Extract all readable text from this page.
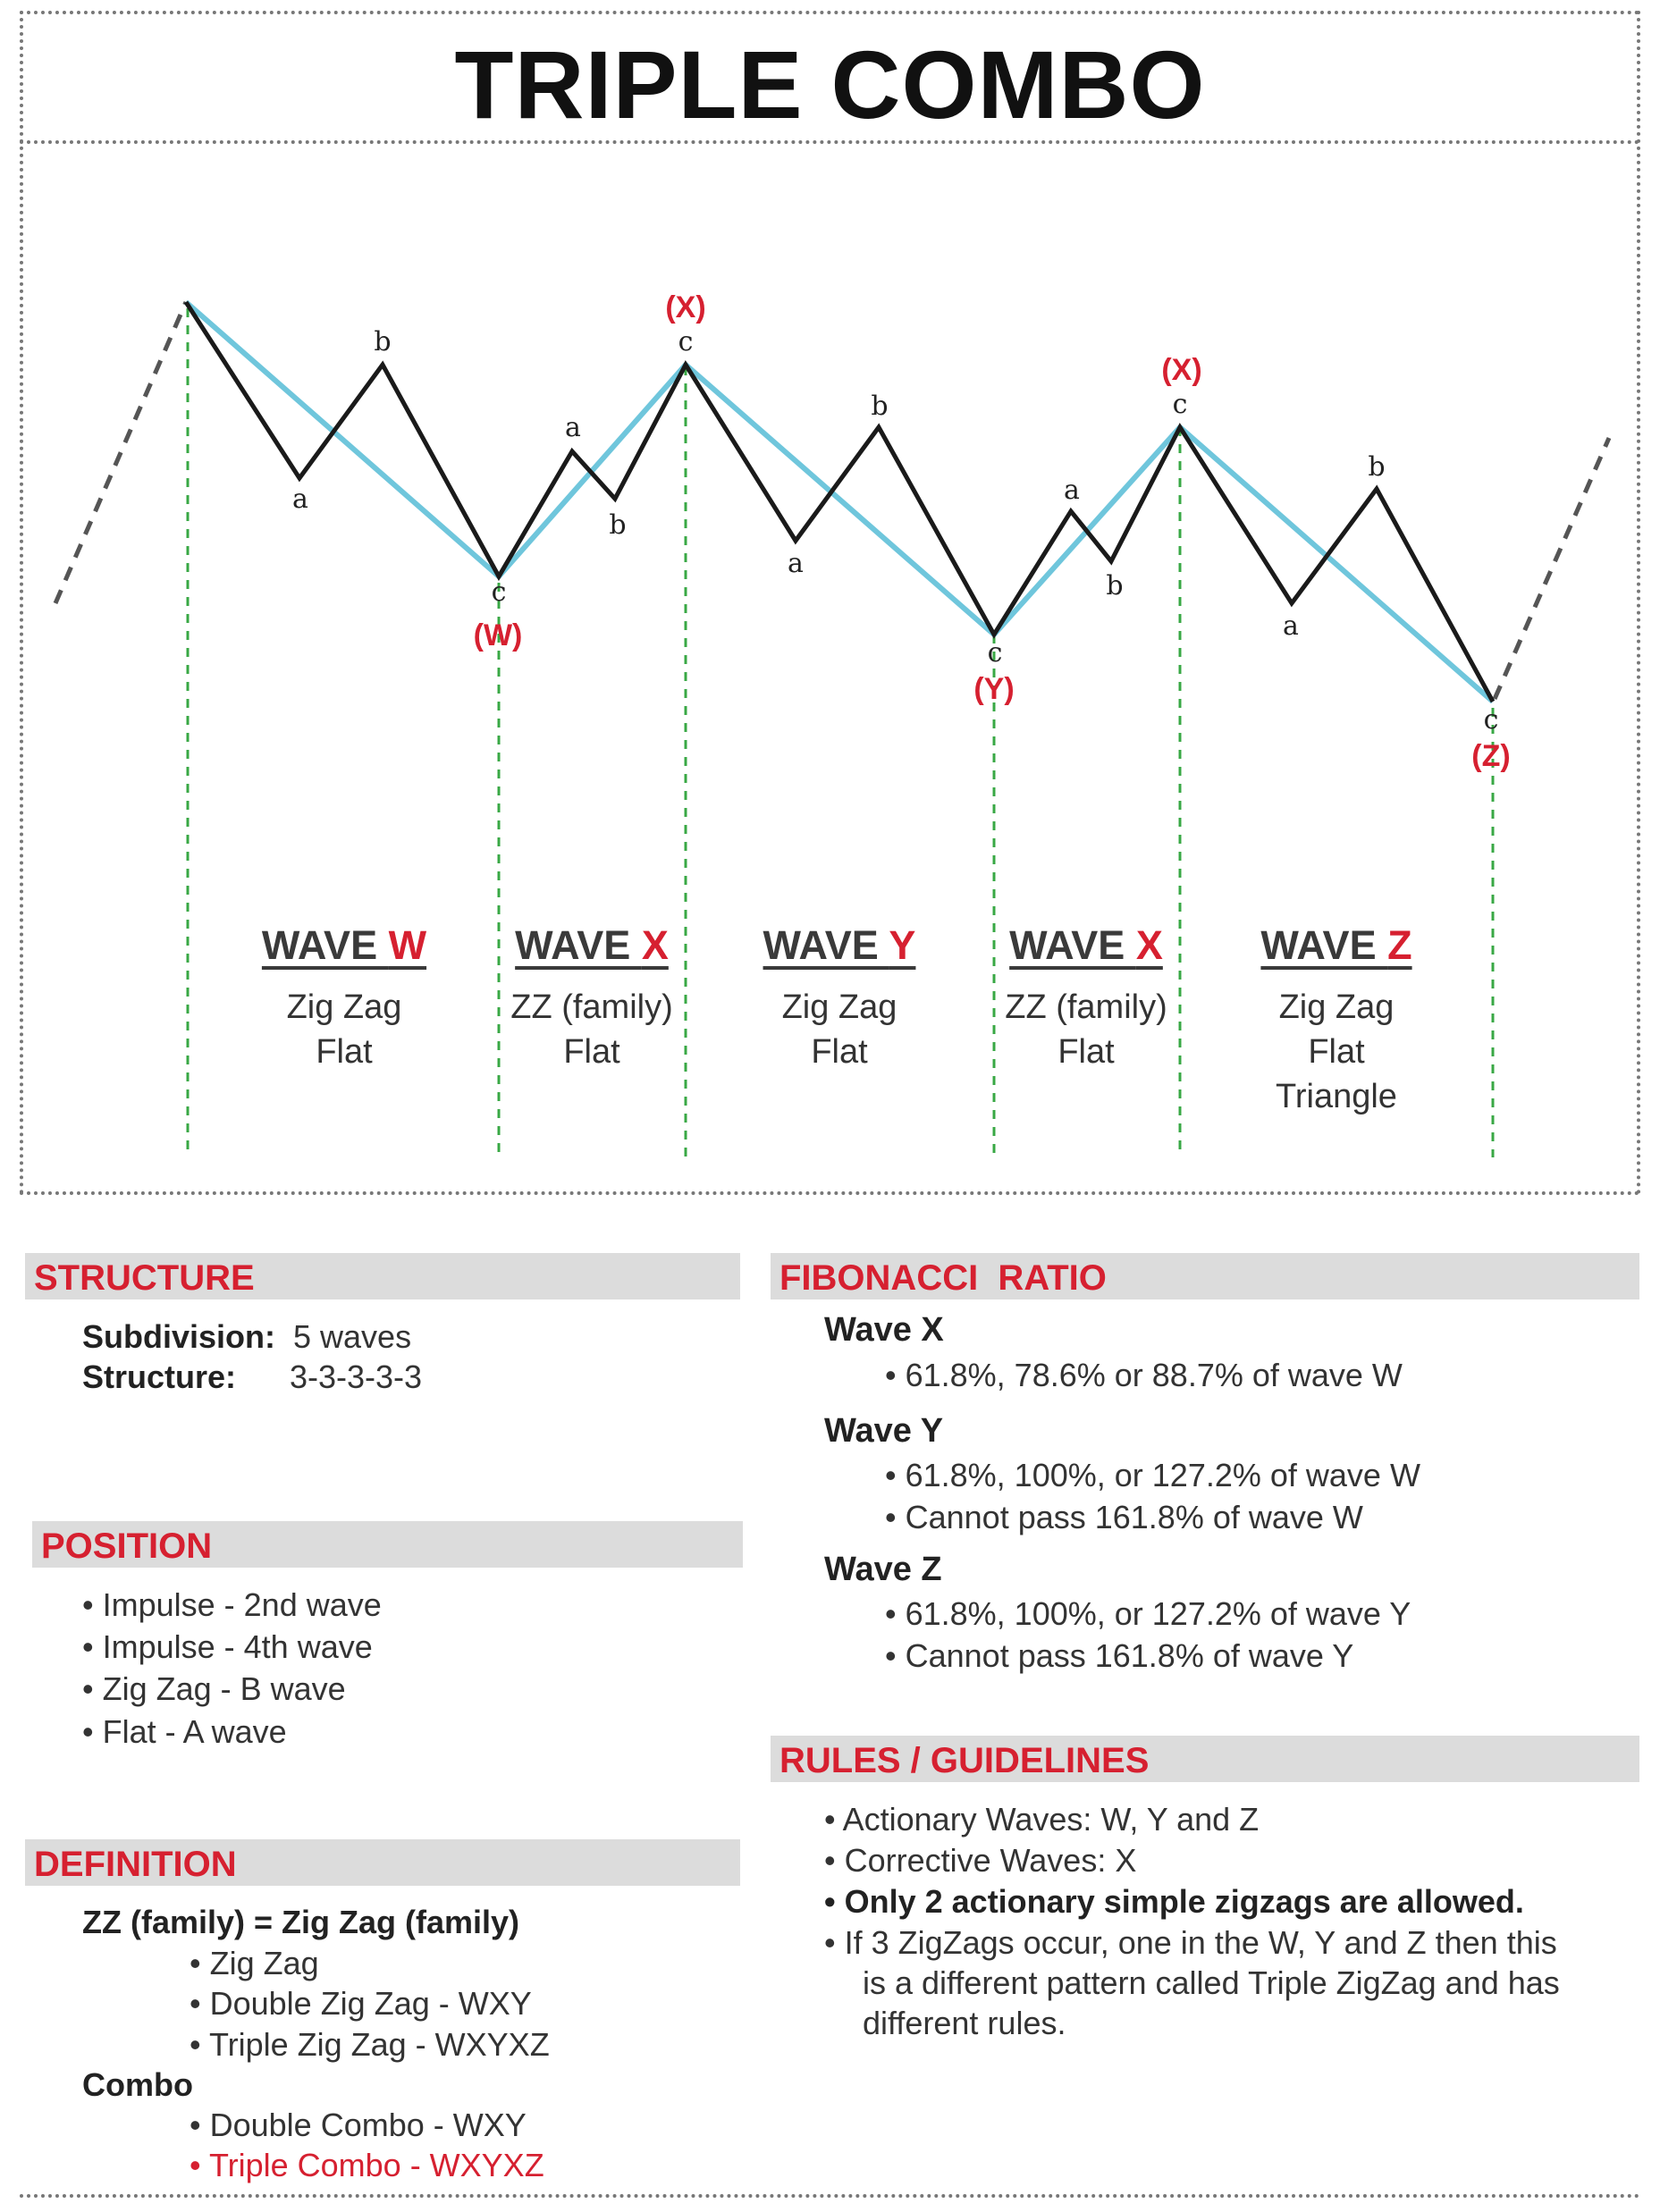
TRIPLE COMBO
a
b
c
a
b
c
a
b
c
a
b
c
a
b
c
(W)
(X)
(Y)
(X)
(Z)
WAVE W
Zig Zag
Flat
WAVE X
ZZ (family)
Flat
WAVE Y
Zig Zag
Flat
WAVE X
ZZ (family)
Flat
WAVE Z
Zig Zag
Flat
Triangle
STRUCTURE
Subdivision: 5 waves
Structure: 3-3-3-3-3
POSITION
• Impulse - 2nd wave
• Impulse - 4th wave
• Zig Zag - B wave
• Flat - A wave
DEFINITION
ZZ (family) = Zig Zag (family)
• Zig Zag
• Double Zig Zag - WXY
• Triple Zig Zag - WXYXZ
Combo
• Double Combo - WXY
• Triple Combo - WXYXZ
FIBONACCI  RATIO
Wave X
• 61.8%, 78.6% or 88.7% of wave W
Wave Y
• 61.8%, 100%, or 127.2% of wave W
• Cannot pass 161.8% of wave W
Wave Z
• 61.8%, 100%, or 127.2% of wave Y
• Cannot pass 161.8% of wave Y
RULES / GUIDELINES
• Actionary Waves: W, Y and Z
• Corrective Waves: X
• Only 2 actionary simple zigzags are allowed.
• If 3 ZigZags occur, one in the W, Y and Z then this
is a different pattern called Triple ZigZag and has
different rules.
